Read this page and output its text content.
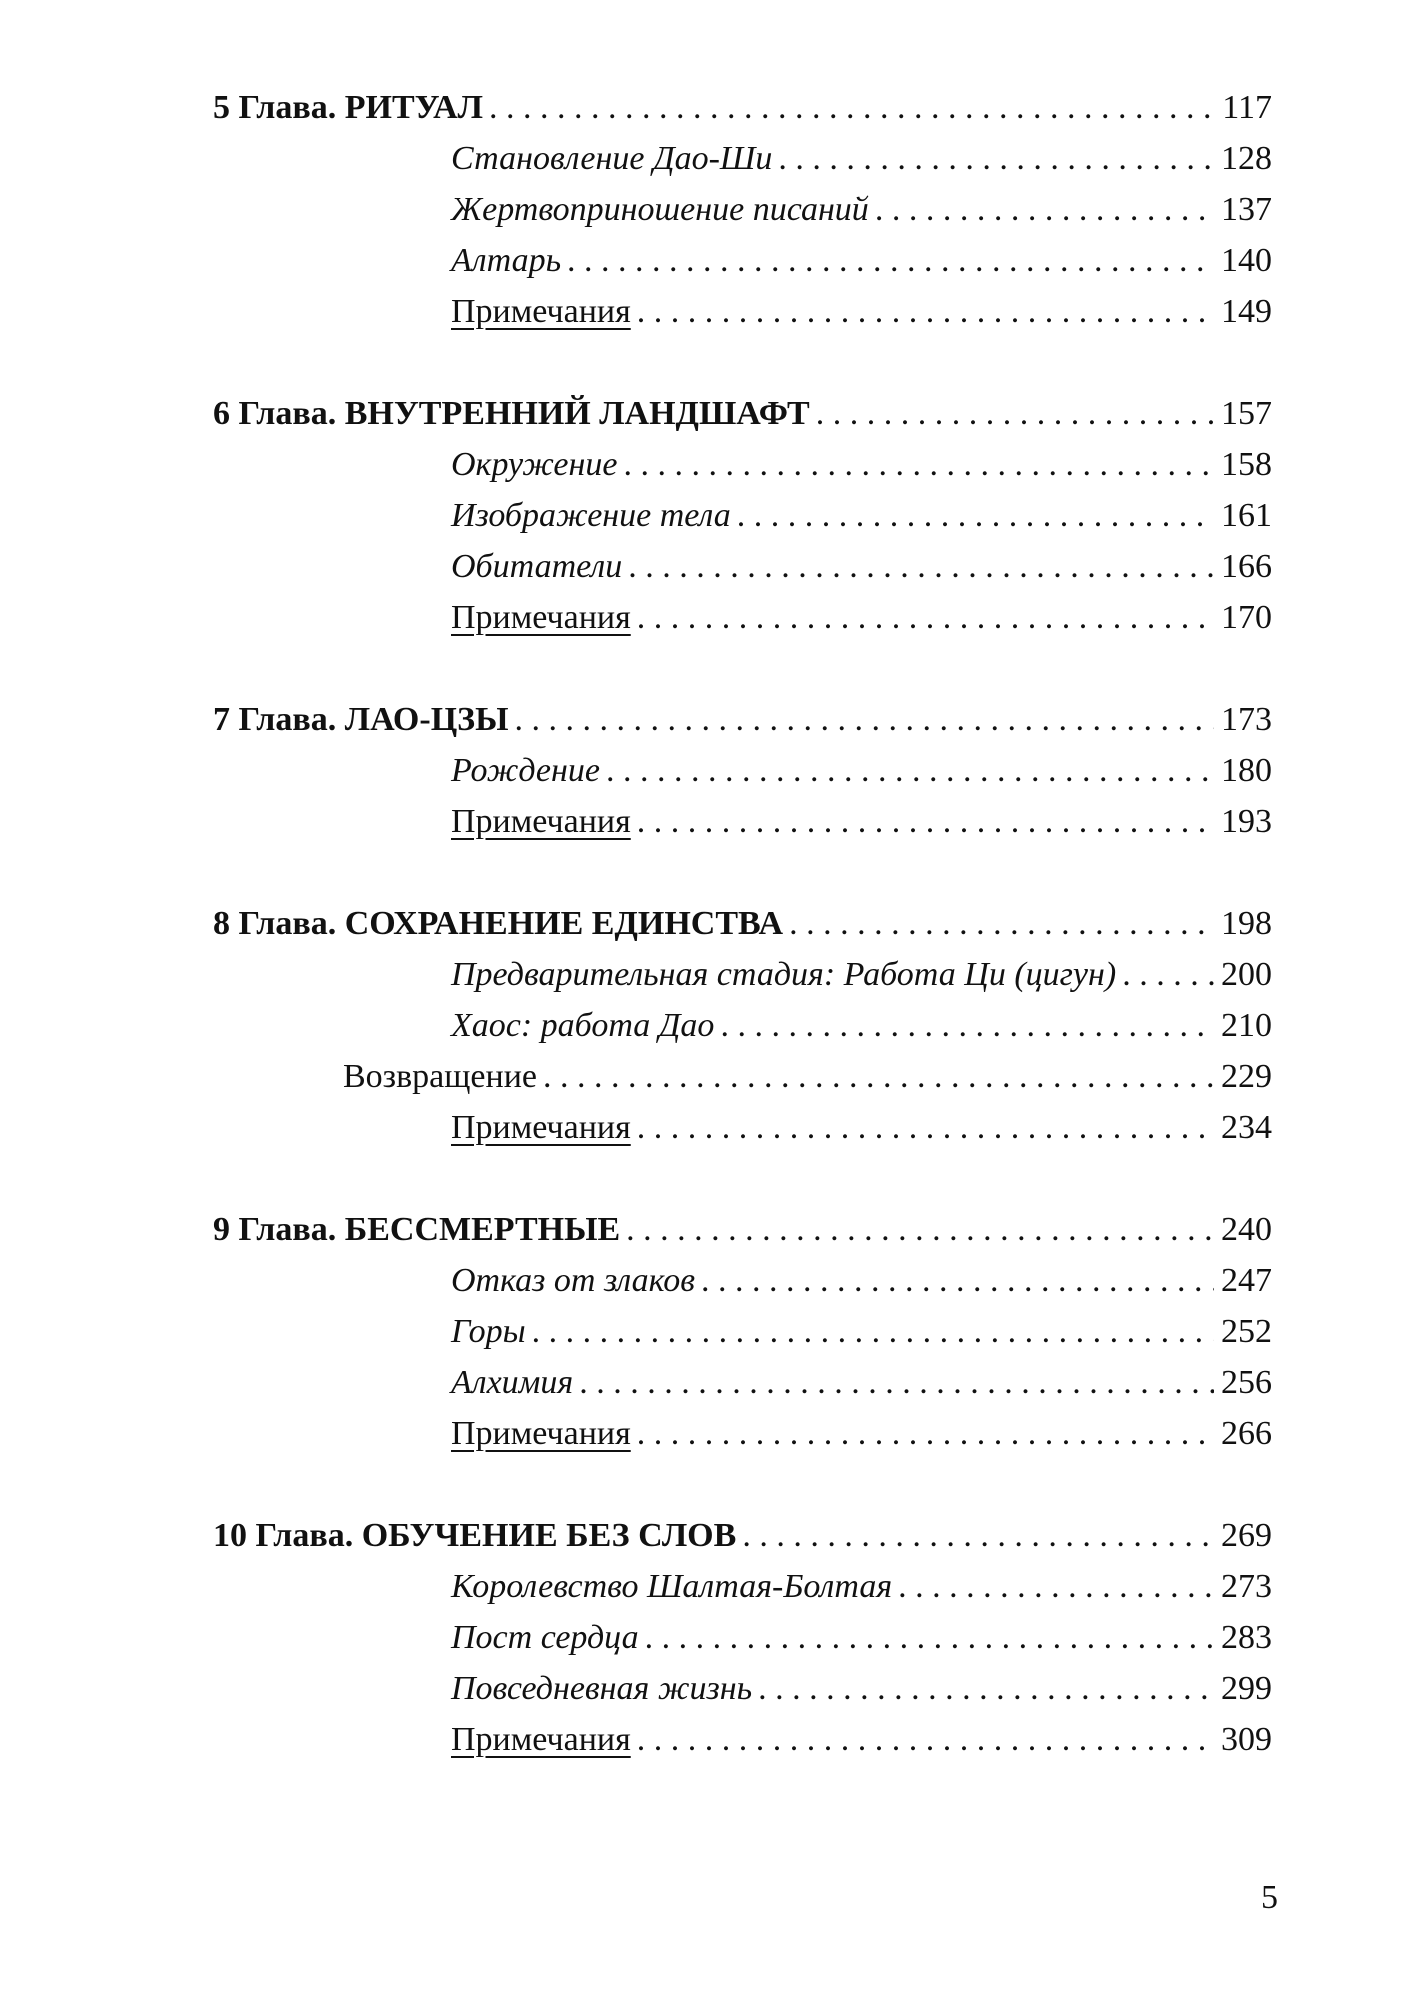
5 Глава. РИТУАЛ . . .	117
Становление Дао-Ши . . .	128
Жертвоприношение писаний . . .	137
Алтарь . . .	140
Примечания . . .	149
6 Глава. ВНУТРЕННИЙ ЛАНДШАФТ . . .	157
Окружение . . .	158
Изображение тела . . .	161
Обитатели . . .	166
Примечания . . .	170
7 Глава. ЛАО-ЦЗЫ . . .	173
Рождение . . .	180
Примечания . . .	193
8 Глава. СОХРАНЕНИЕ ЕДИНСТВА . . .	198
Предварительная стадия: Работа Ци (цигун) . . .	200
Хаос: работа Дао . . .	210
Возвращение . . .	229
Примечания . . .	234
9 Глава. БЕССМЕРТНЫЕ . . .	240
Отказ от злаков . . .	247
Горы . . .	252
Алхимия . . .	256
Примечания . . .	266
10 Глава. ОБУЧЕНИЕ БЕЗ СЛОВ . . .	269
Королевство Шалтая-Болтая . . .	273
Пост сердца . . .	283
Повседневная жизнь . . .	299
Примечания . . .	309
5
